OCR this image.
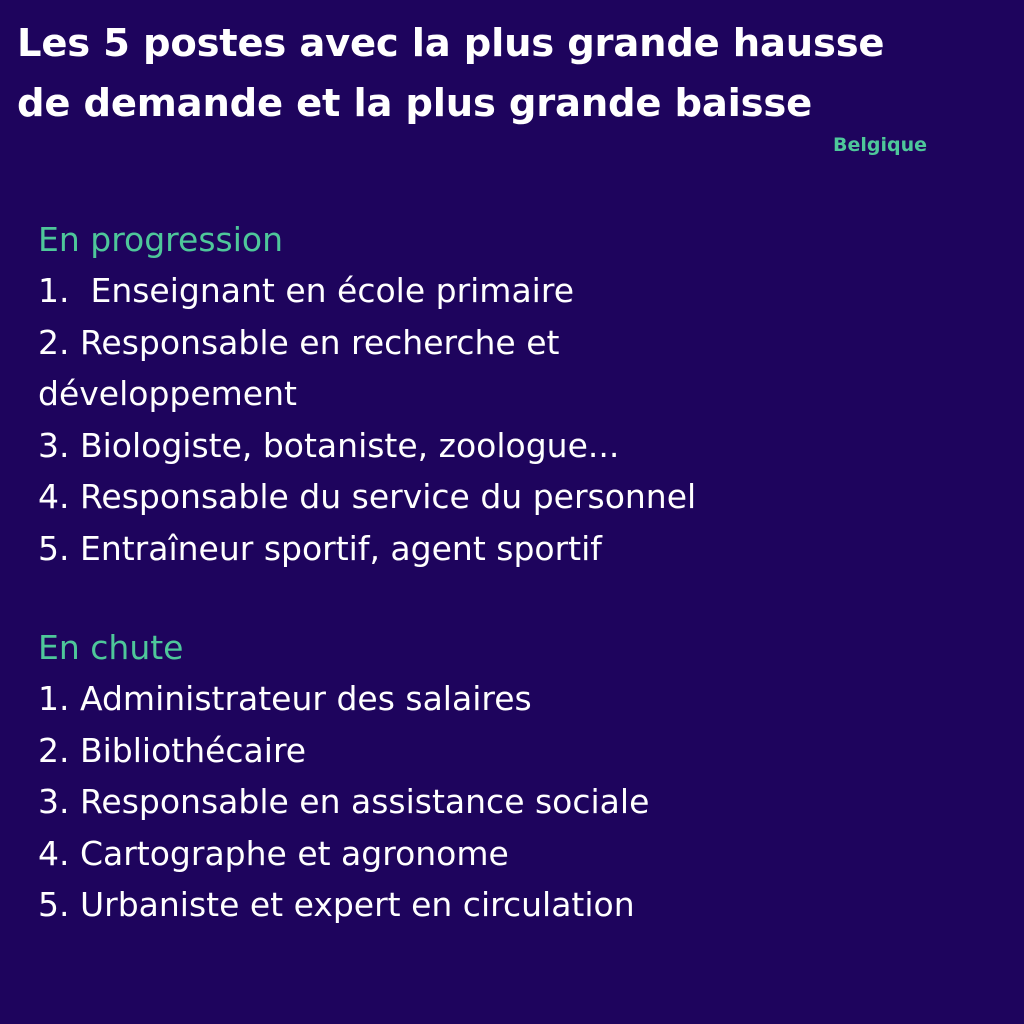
Les 5 postes avec la plus grande hausse
de demande et la plus grande baisse

Belgique

En progression
1.  Enseignant en école primaire
2. Responsable en recherche et
développement
3. Biologiste, botaniste, zoologue...
4. Responsable du service du personnel
5. Entraîneur sportif, agent sportif
En chute
1. Administrateur des salaires
2. Bibliothécaire
3. Responsable en assistance sociale
4. Cartographe et agronome
5. Urbaniste et expert en circulation
